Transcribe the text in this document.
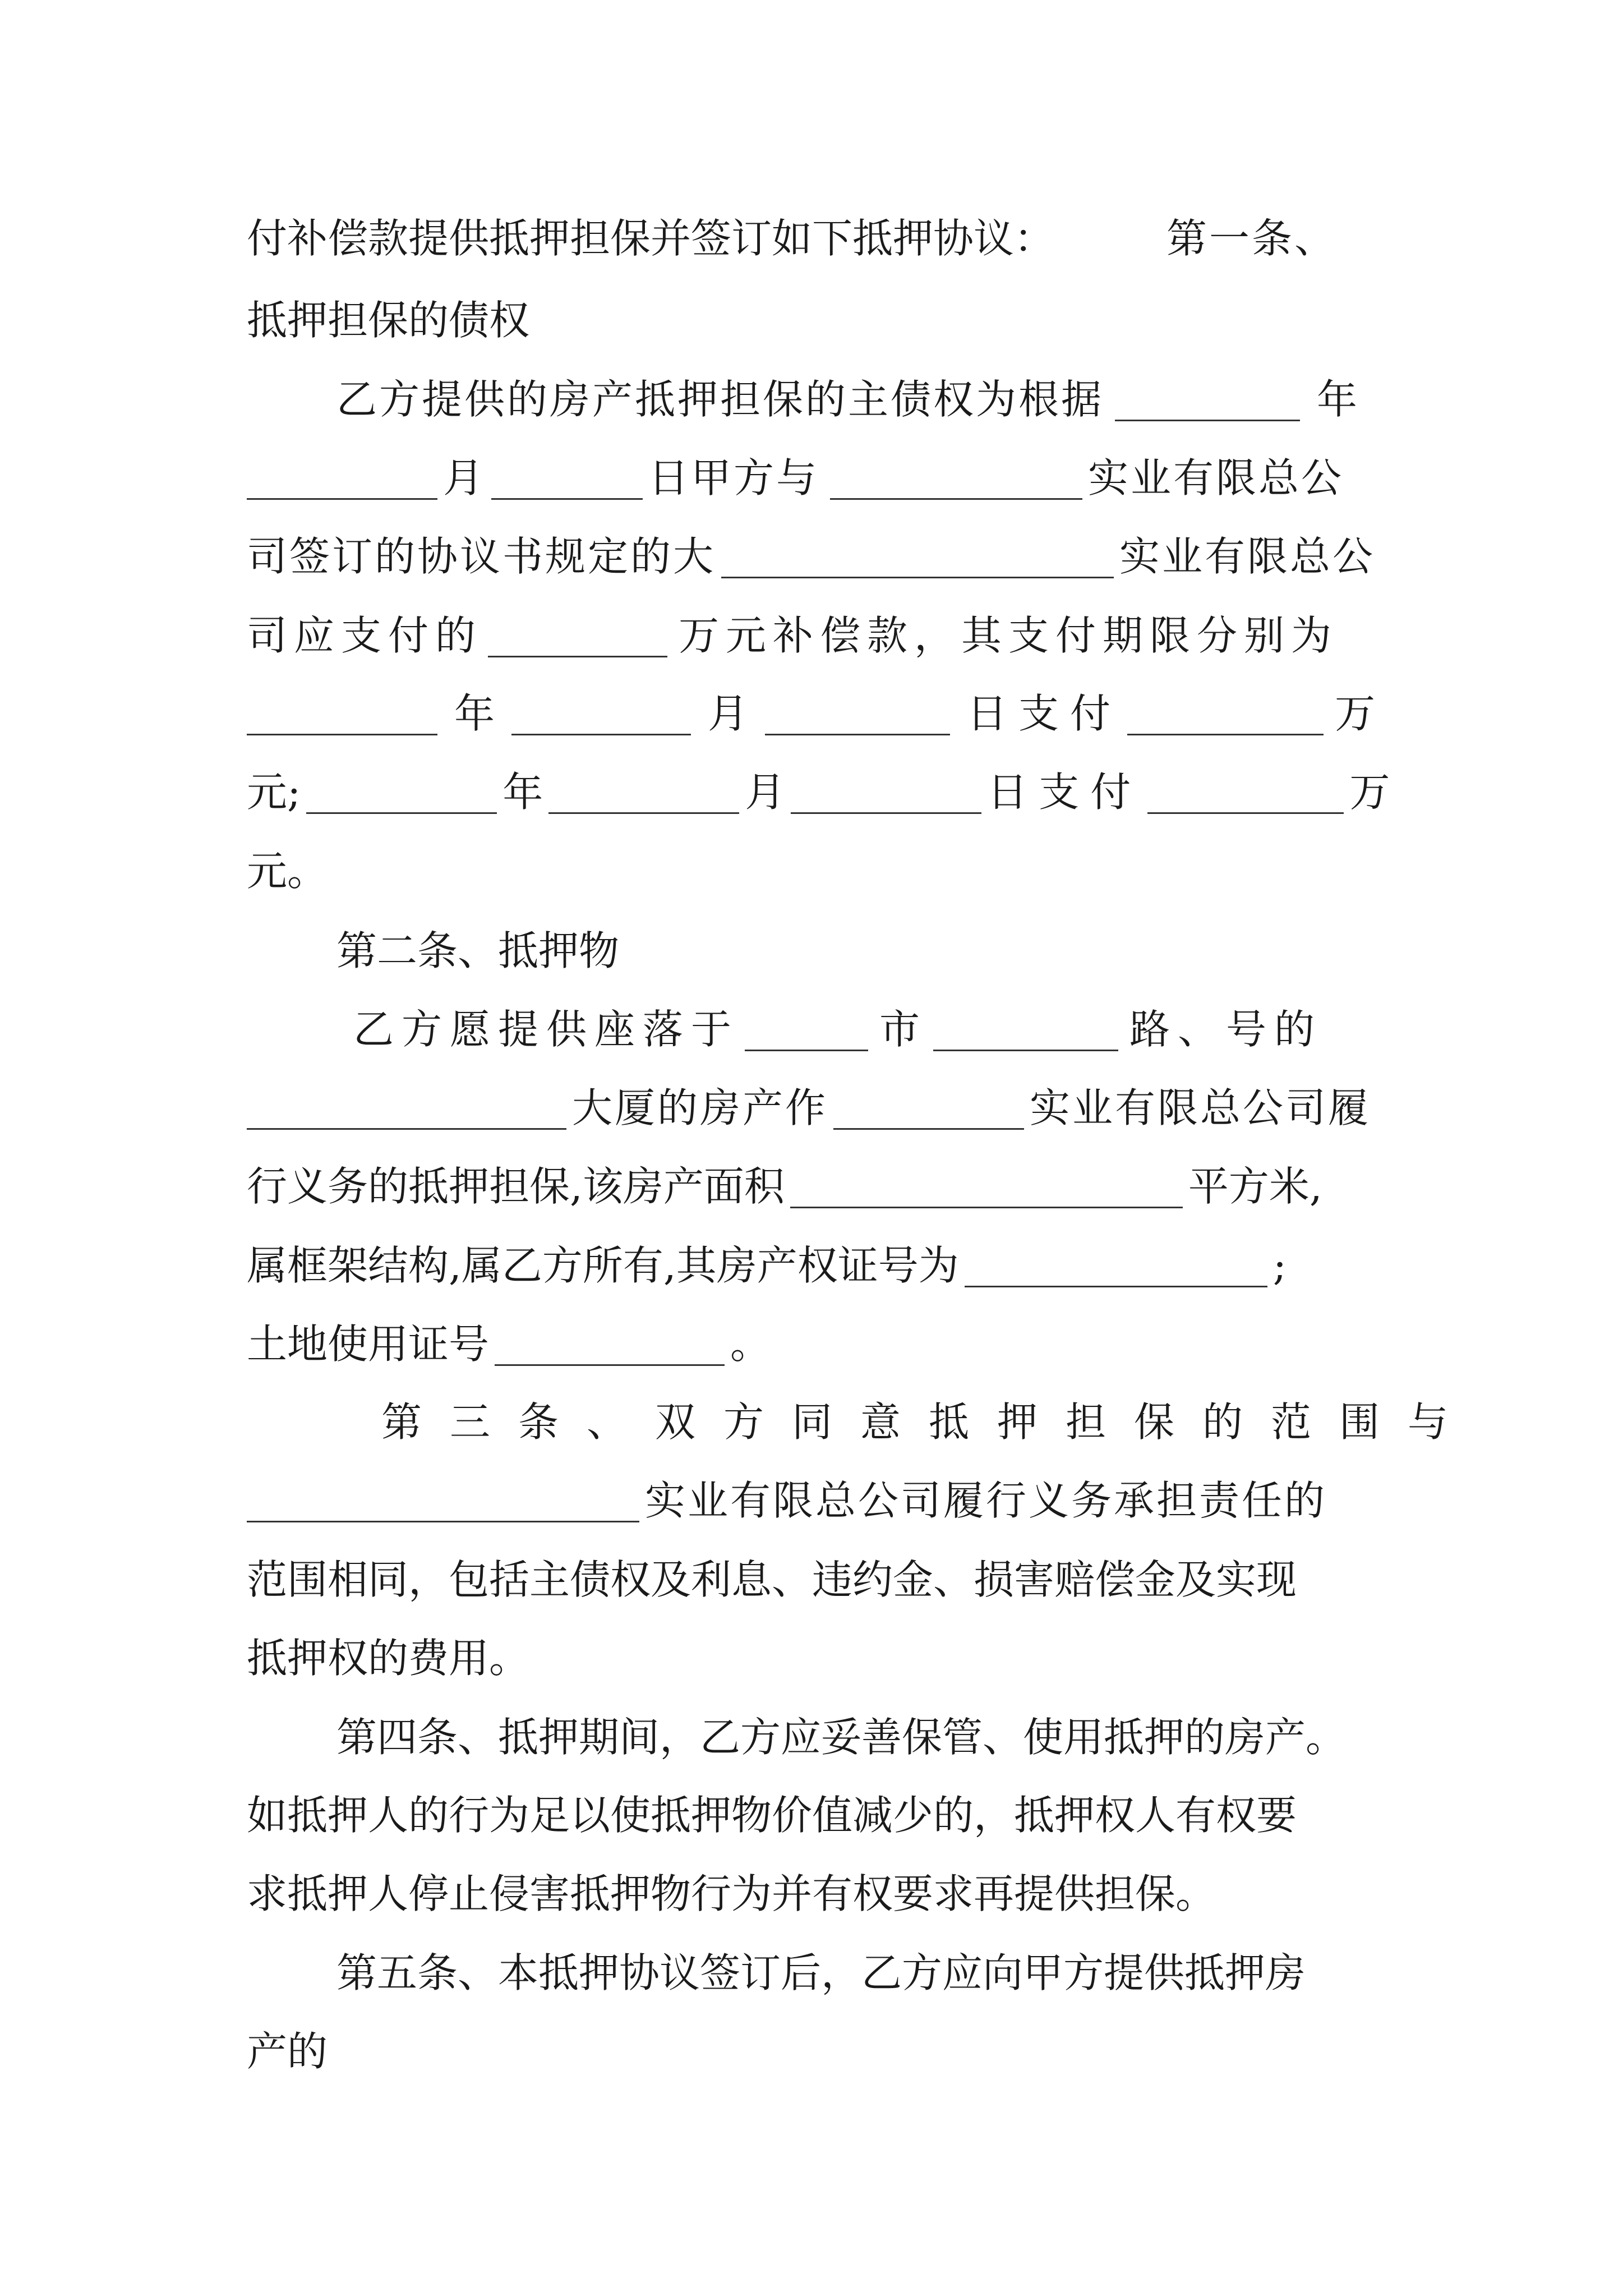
付补偿款提供抵押担保并签订如下抵押协议：	第一条、
抵押担保的债权
乙方提供的房产抵押担保的主债权为根据	年
月	日甲方与	实业有限总公
司签订的协议书规定的大	实业有限总公
司应支付的	万元补偿款，其支付期限分别为
年	月	日支付	万
元;	年	月	日支付	万
元。
第二条、抵押物
乙方愿提供座落于	市	路、号的
大厦的房产作	实业有限总公司履
行义务的抵押担保,该房产面积	平方米,
属框架结构,属乙方所有,其房产权证号为	;
土地使用证号	。
第三条、双方同意抵押担保的范围与
实业有限总公司履行义务承担责任的
范围相同，包括主债权及利息、违约金、损害赔偿金及实现
抵押权的费用。
第四条、抵押期间，乙方应妥善保管、使用抵押的房产。
如抵押人的行为足以使抵押物价值减少的，抵押权人有权要
求抵押人停止侵害抵押物行为并有权要求再提供担保。
第五条、本抵押协议签订后，乙方应向甲方提供抵押房
产的
